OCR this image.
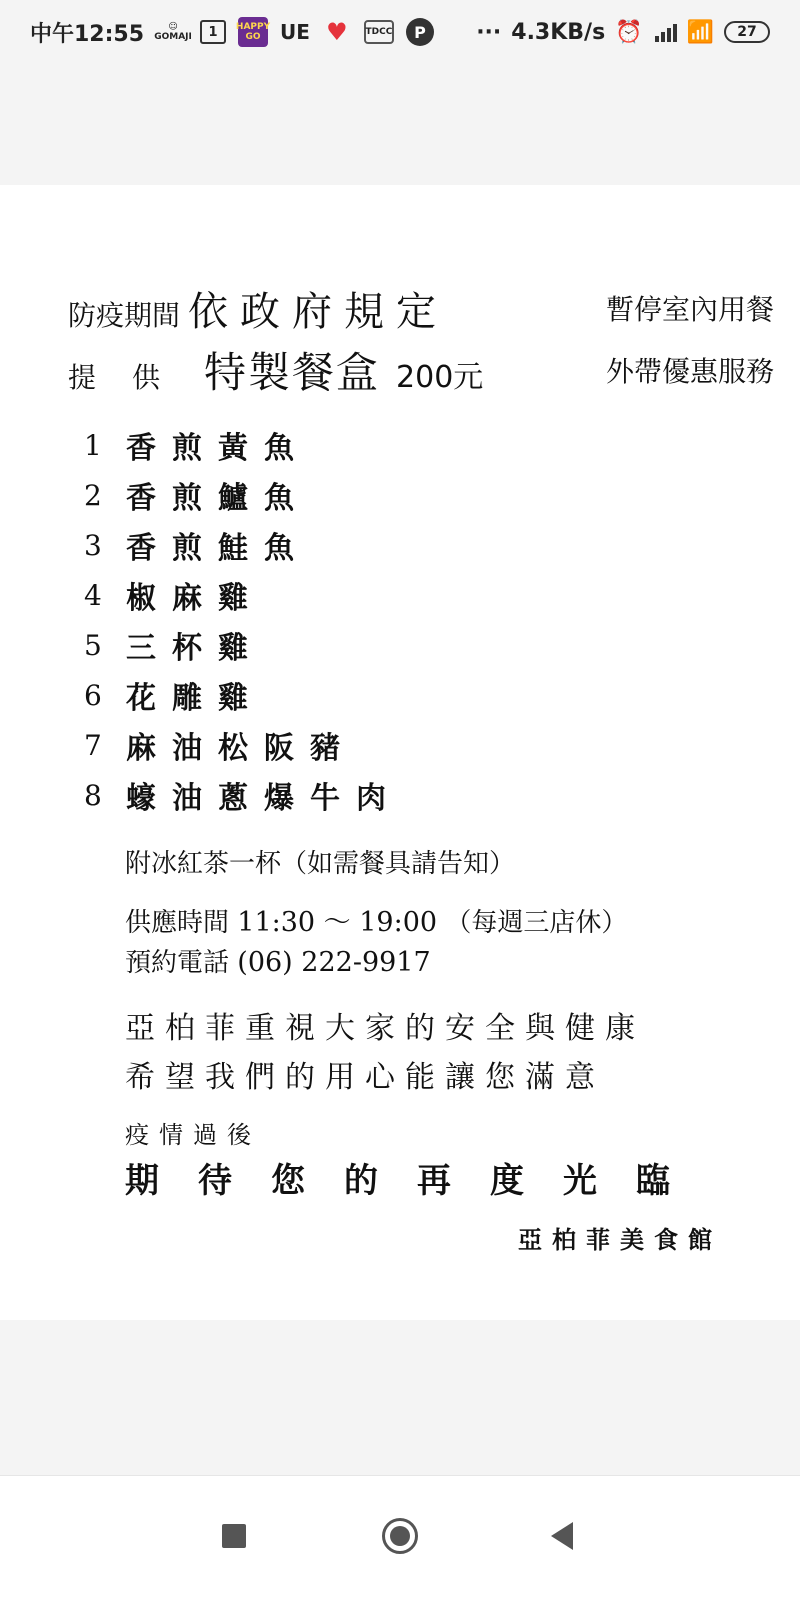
中午12:55	☺
GOMAJI	1	HAPPY GO UE ♥	TDCC	P	··· 4.3KB/s ⏰ 📶	27
防疫期間 依政府規定	暫停室內用餐
提供 特製餐盒 200元	外帶優惠服務
1 香煎黃魚
2 香煎鱸魚
3 香煎鮭魚
4 椒麻雞
5 三杯雞
6 花雕雞
7 麻油松阪豬
8 蠔油蔥爆牛肉
附冰紅茶一杯（如需餐具請告知）
供應時間 11:30 ～ 19:00 （每週三店休）
預約電話 (06) 222-9917
亞柏菲重視大家的安全與健康
希望我們的用心能讓您滿意
疫情過後
期待您的再度光臨
亞柏菲美食館
